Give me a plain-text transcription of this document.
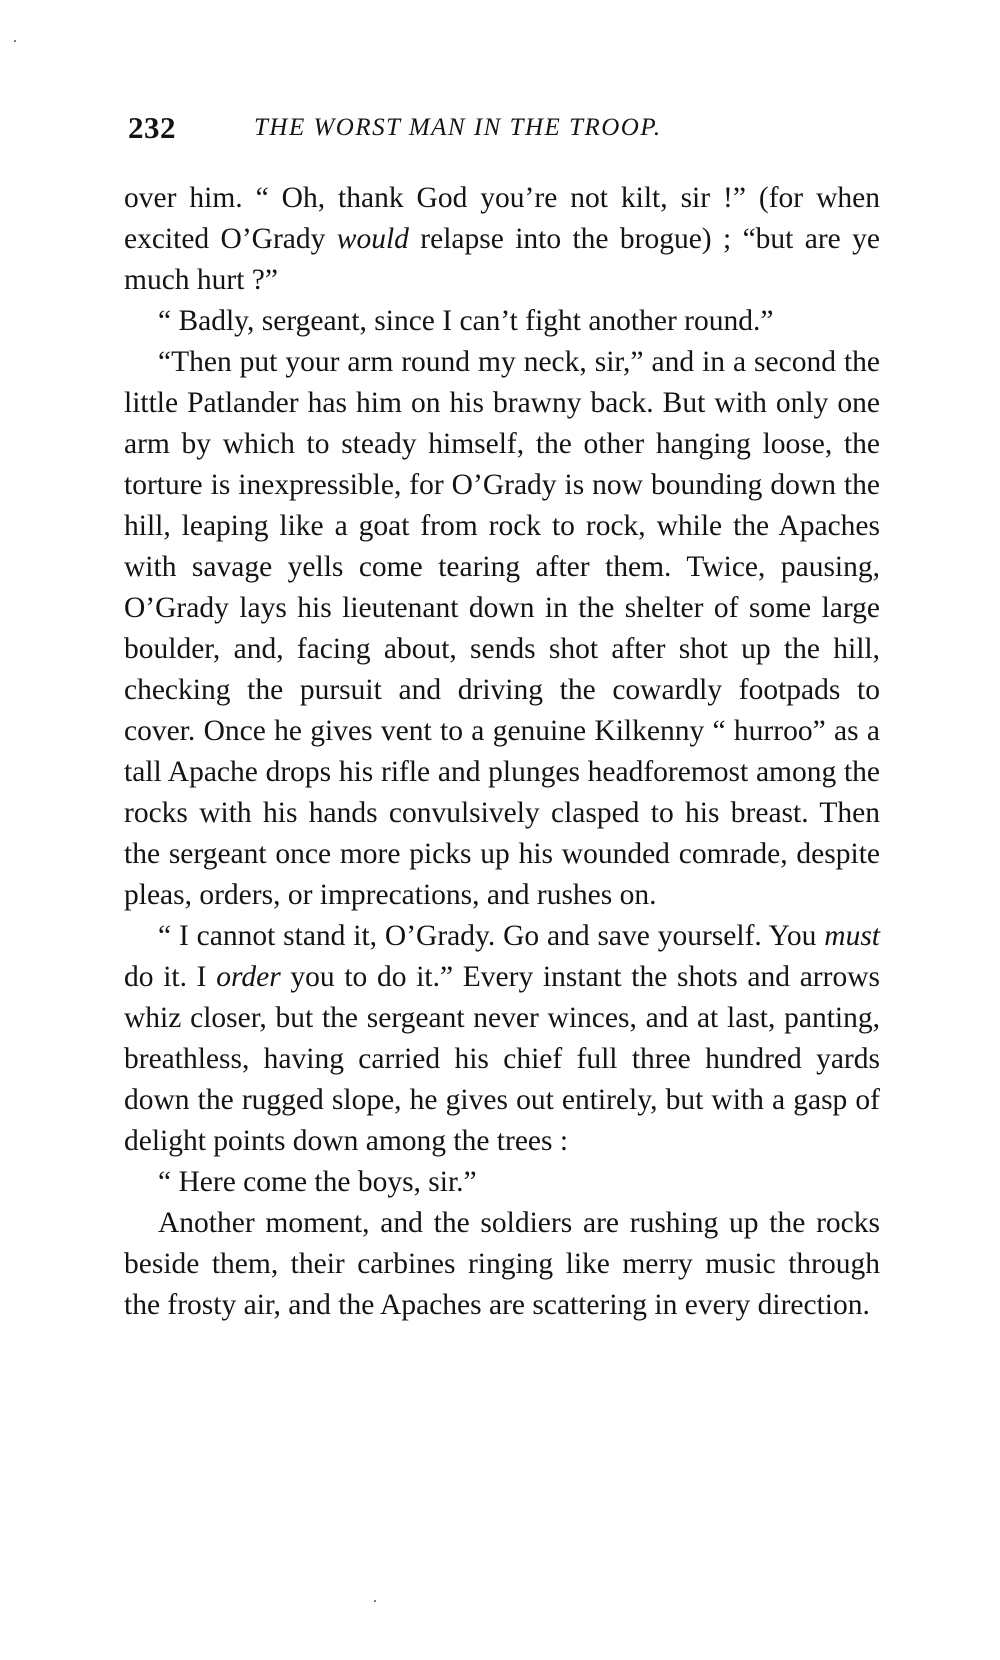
232	THE WORST MAN IN THE TROOP.

over him. “ Oh, thank God you’re not kilt, sir !” (for when excited O’Grady would relapse into the brogue) ; “but are ye much hurt ?”

“ Badly, sergeant, since I can’t fight another round.”

“Then put your arm round my neck, sir,” and in a second the little Patlander has him on his brawny back. But with only one arm by which to steady himself, the other hanging loose, the torture is inexpressible, for O’Grady is now bounding down the hill, leaping like a goat from rock to rock, while the Apaches with savage yells come tearing after them. Twice, pausing, O’Grady lays his lieutenant down in the shelter of some large boulder, and, facing about, sends shot after shot up the hill, checking the pursuit and driving the cowardly footpads to cover. Once he gives vent to a genuine Kilkenny “ hurroo” as a tall Apache drops his rifle and plunges headforemost among the rocks with his hands convulsively clasped to his breast. Then the sergeant once more picks up his wounded comrade, despite pleas, orders, or imprecations, and rushes on.

“ I cannot stand it, O’Grady. Go and save yourself. You must do it. I order you to do it.” Every instant the shots and arrows whiz closer, but the sergeant never winces, and at last, panting, breathless, having carried his chief full three hundred yards down the rugged slope, he gives out entirely, but with a gasp of delight points down among the trees :

“ Here come the boys, sir.”

Another moment, and the soldiers are rushing up the rocks beside them, their carbines ringing like merry music through the frosty air, and the Apaches are scattering in every direction.
